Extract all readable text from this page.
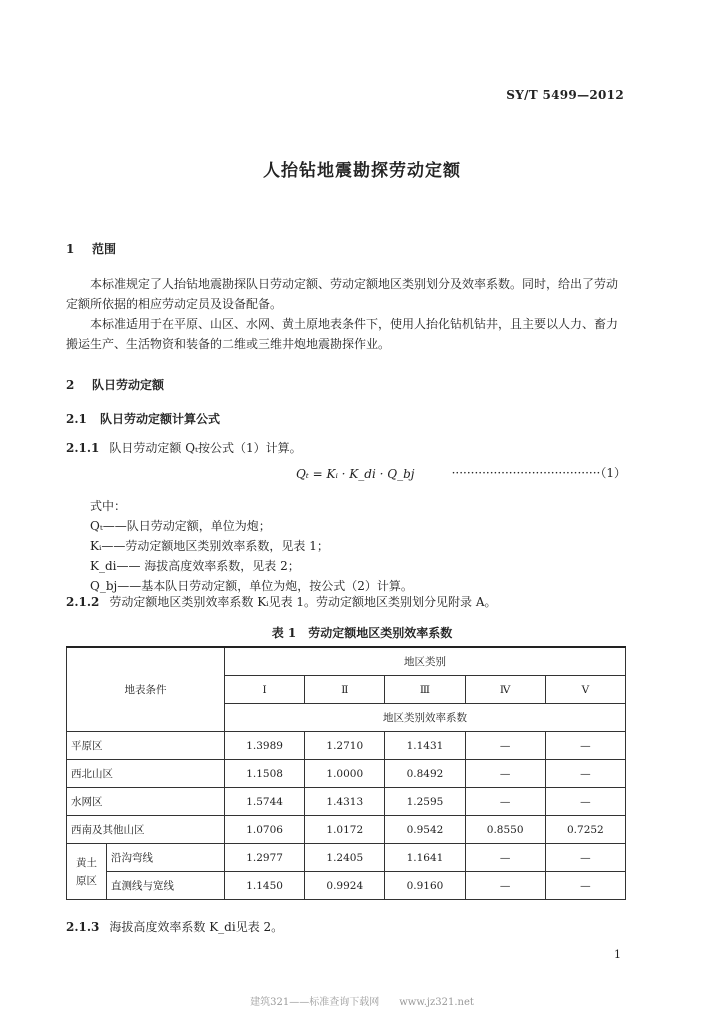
SY/T 5499—2012
人抬钻地震勘探劳动定额
1 范围
本标准规定了人抬钻地震勘探队日劳动定额、劳动定额地区类别划分及效率系数。同时，给出了劳动定额所依据的相应劳动定员及设备配备。
本标准适用于在平原、山区、水网、黄土原地表条件下，使用人抬化钻机钻井，且主要以人力、畜力搬运生产、生活物资和装备的二维或三维井炮地震勘探作业。
2 队日劳动定额
2.1 队日劳动定额计算公式
2.1.1 队日劳动定额 Qₜ按公式（1）计算。
Qₜ = Kᵢ · K_di · Q_bj	·······································（1）
式中：
Qₜ——队日劳动定额，单位为炮；
Kᵢ——劳动定额地区类别效率系数，见表 1；
K_di—— 海拔高度效率系数，见表 2；
Q_bj——基本队日劳动定额，单位为炮，按公式（2）计算。
2.1.2 劳动定额地区类别效率系数 Kᵢ见表 1。劳动定额地区类别划分见附录 A。
表 1　劳动定额地区类别效率系数
地表条件		地区类别				
		Ⅰ	Ⅱ	Ⅲ	Ⅳ	Ⅴ
		地区类别效率系数				
平原区		1.3989	1.2710	1.1431	—	—
西北山区		1.1508	1.0000	0.8492	—	—
水网区		1.5744	1.4313	1.2595	—	—
西南及其他山区		1.0706	1.0172	0.9542	0.8550	0.7252
黄土原区	沿沟弯线	1.2977	1.2405	1.1641	—	—
	直测线与宽线	1.1450	0.9924	0.9160	—	—
2.1.3 海拔高度效率系数 K_di见表 2。
1
建筑321——标准查询下载网　　www.jz321.net
